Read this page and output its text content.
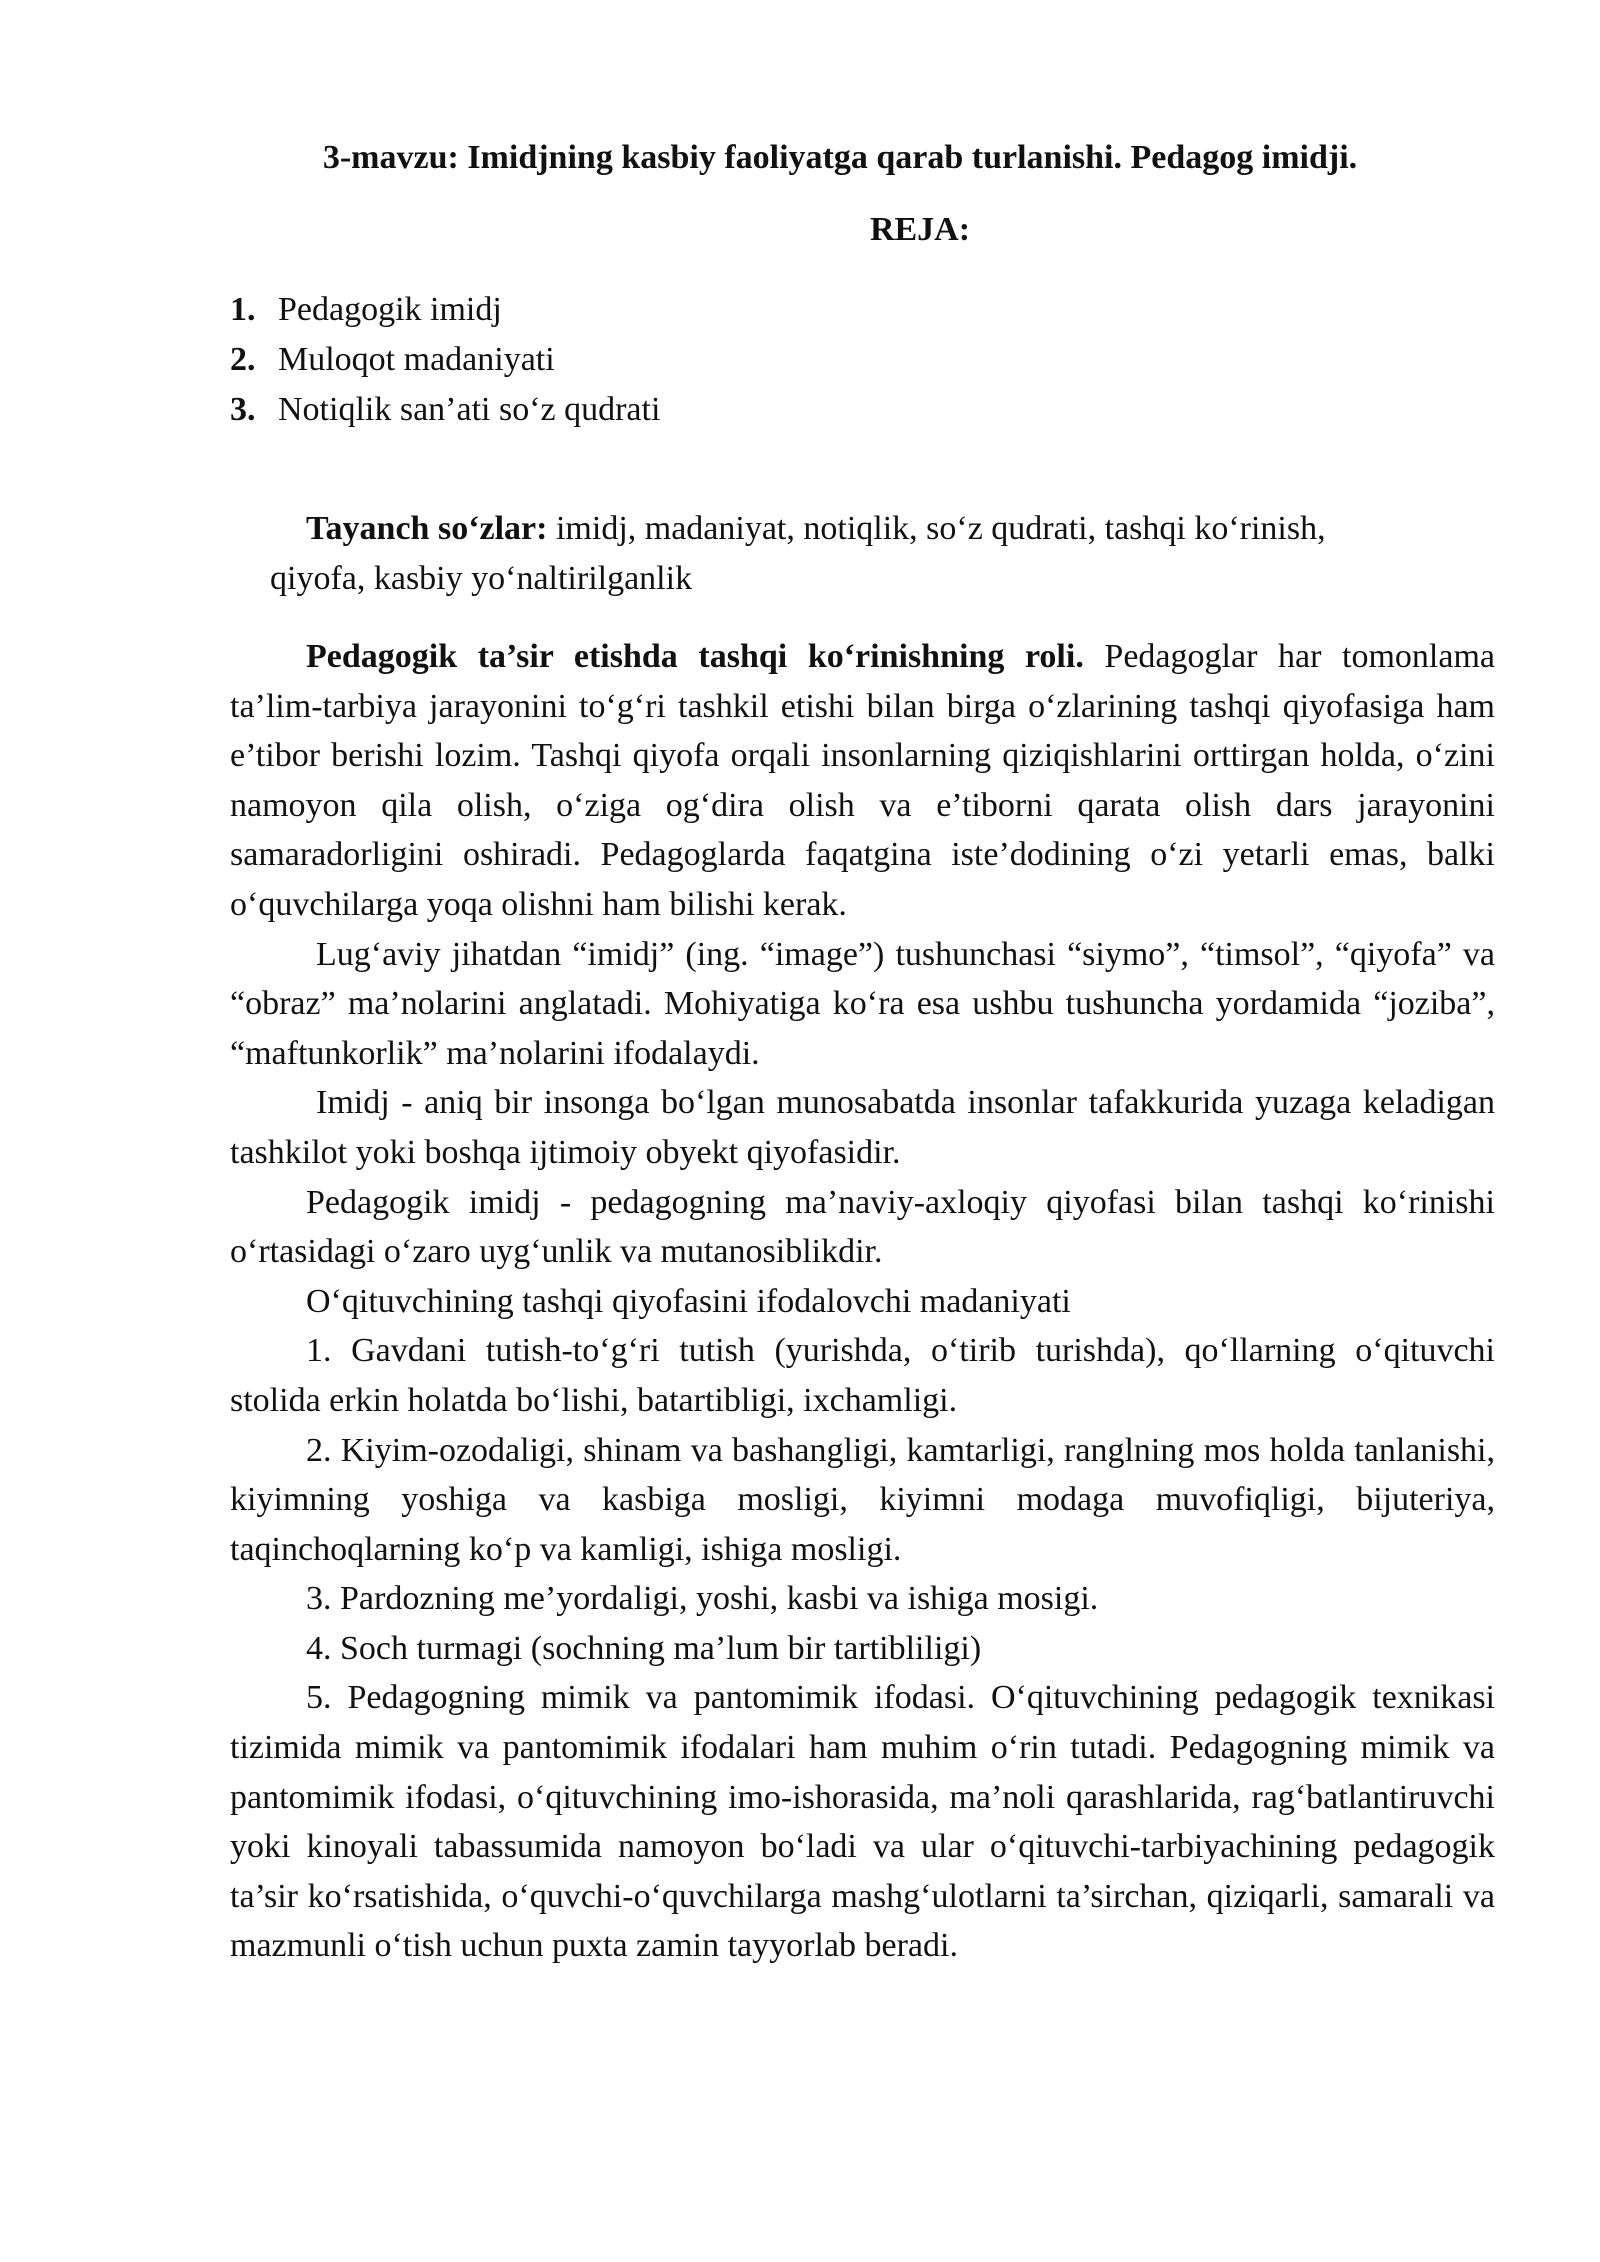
3-mavzu: Imidjning kasbiy faoliyatga qarab turlanishi. Pedagog imidji.
REJA:
1. Pedagogik imidj
2. Muloqot madaniyati
3. Notiqlik san’ati so‘z qudrati
Tayanch so‘zlar: imidj, madaniyat, notiqlik, so‘z qudrati, tashqi ko‘rinish,
qiyofa, kasbiy yo‘naltirilganlik

Pedagogik ta’sir etishda tashqi ko‘rinishning roli. Pedagoglar har tomonlama ta’lim-tarbiya jarayonini to‘g‘ri tashkil etishi bilan birga o‘zlarining tashqi qiyofasiga ham e’tibor berishi lozim. Tashqi qiyofa orqali insonlarning qiziqishlarini orttirgan holda, o‘zini namoyon qila olish, o‘ziga og‘dira olish va e’tiborni qarata olish dars jarayonini samaradorligini oshiradi. Pedagoglarda faqatgina iste’dodining o‘zi yetarli emas, balki o‘quvchilarga yoqa olishni ham bilishi kerak.

Lug‘aviy jihatdan “imidj” (ing. “image”) tushunchasi “siymo”, “timsol”, “qiyofa” va “obraz” ma’nolarini anglatadi. Mohiyatiga ko‘ra esa ushbu tushuncha yordamida “joziba”, “maftunkorlik” ma’nolarini ifodalaydi.

Imidj - aniq bir insonga bo‘lgan munosabatda insonlar tafakkurida yuzaga keladigan tashkilot yoki boshqa ijtimoiy obyekt qiyofasidir.

Pedagogik imidj - pedagogning ma’naviy-axloqiy qiyofasi bilan tashqi ko‘rinishi o‘rtasidagi o‘zaro uyg‘unlik va mutanosiblikdir.

O‘qituvchining tashqi qiyofasini ifodalovchi madaniyati

1. Gavdani tutish-to‘g‘ri tutish (yurishda, o‘tirib turishda), qo‘llarning o‘qituvchi stolida erkin holatda bo‘lishi, batartibligi, ixchamligi.

2. Kiyim-ozodaligi, shinam va bashangligi, kamtarligi, ranglning mos holda tanlanishi, kiyimning yoshiga va kasbiga mosligi, kiyimni modaga muvofiqligi, bijuteriya, taqinchoqlarning ko‘p va kamligi, ishiga mosligi.

3. Pardozning me’yordaligi, yoshi, kasbi va ishiga mosigi.

4. Soch turmagi (sochning ma’lum bir tartibliligi)

5. Pedagogning mimik va pantomimik ifodasi. O‘qituvchining pedagogik texnikasi tizimida mimik va pantomimik ifodalari ham muhim o‘rin tutadi. Pedagogning mimik va pantomimik ifodasi, o‘qituvchining imo-ishorasida, ma’noli qarashlarida, rag‘batlantiruvchi yoki kinoyali tabassumida namoyon bo‘ladi va ular o‘qituvchi-tarbiyachining pedagogik ta’sir ko‘rsatishida, o‘quvchi-o‘quvchilarga mashg‘ulotlarni ta’sirchan, qiziqarli, samarali va mazmunli o‘tish uchun puxta zamin tayyorlab beradi.
